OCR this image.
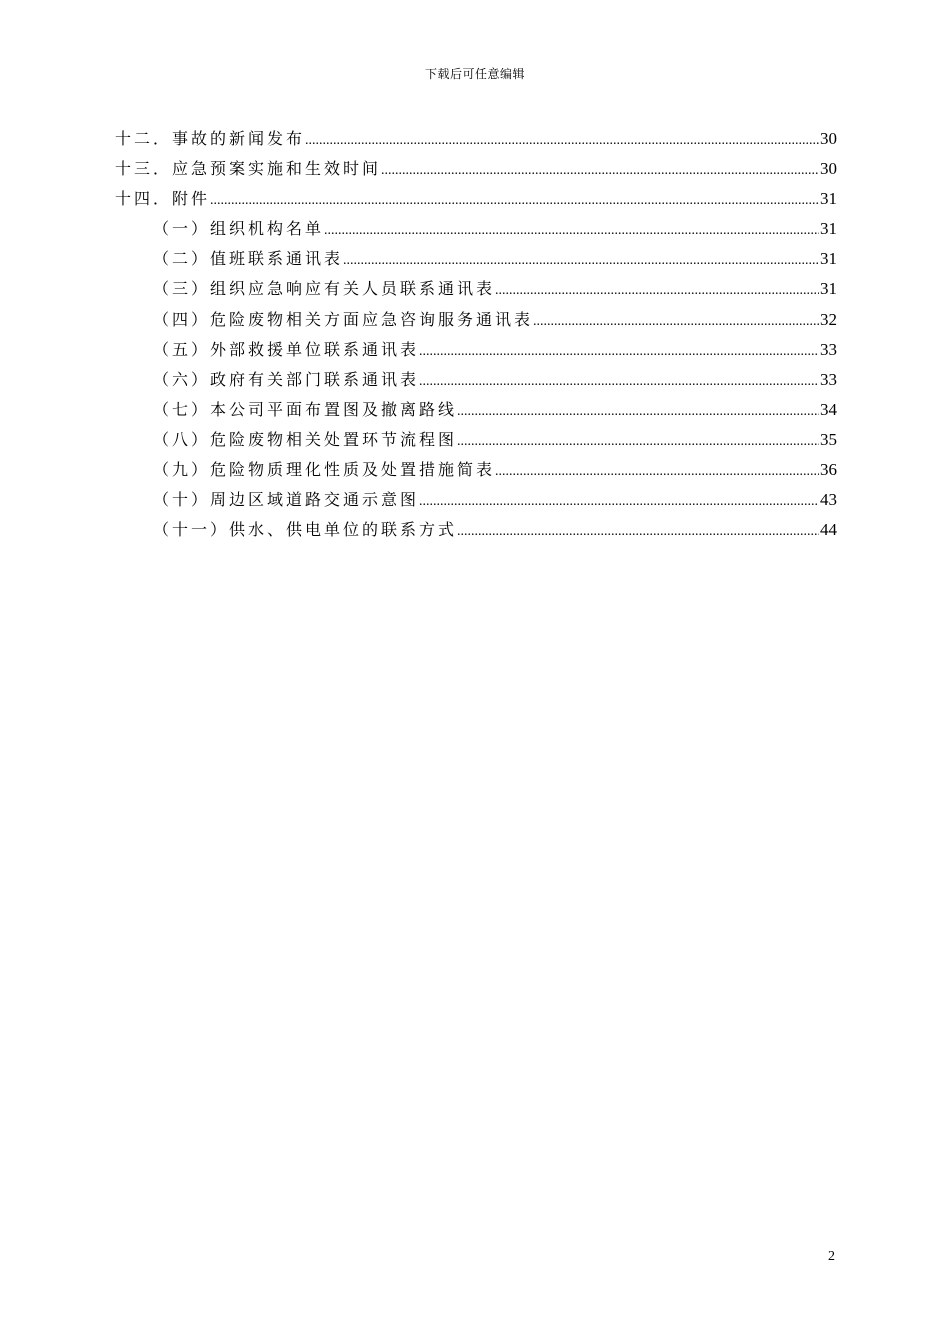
下载后可任意编辑
十二．事故的新闻发布 .....	30
十三．应急预案实施和生效时间 .....	30
十四．附件 .....	31
（一）组织机构名单 .....	31
（二）值班联系通讯表 .....	31
（三）组织应急响应有关人员联系通讯表 .....	31
（四）危险废物相关方面应急咨询服务通讯表 .....	32
（五）外部救援单位联系通讯表 .....	33
（六）政府有关部门联系通讯表 .....	33
（七）本公司平面布置图及撤离路线 .....	34
（八）危险废物相关处置环节流程图 .....	35
（九）危险物质理化性质及处置措施简表 .....	36
（十）周边区域道路交通示意图 .....	43
（十一）供水、供电单位的联系方式 .....	44
2
